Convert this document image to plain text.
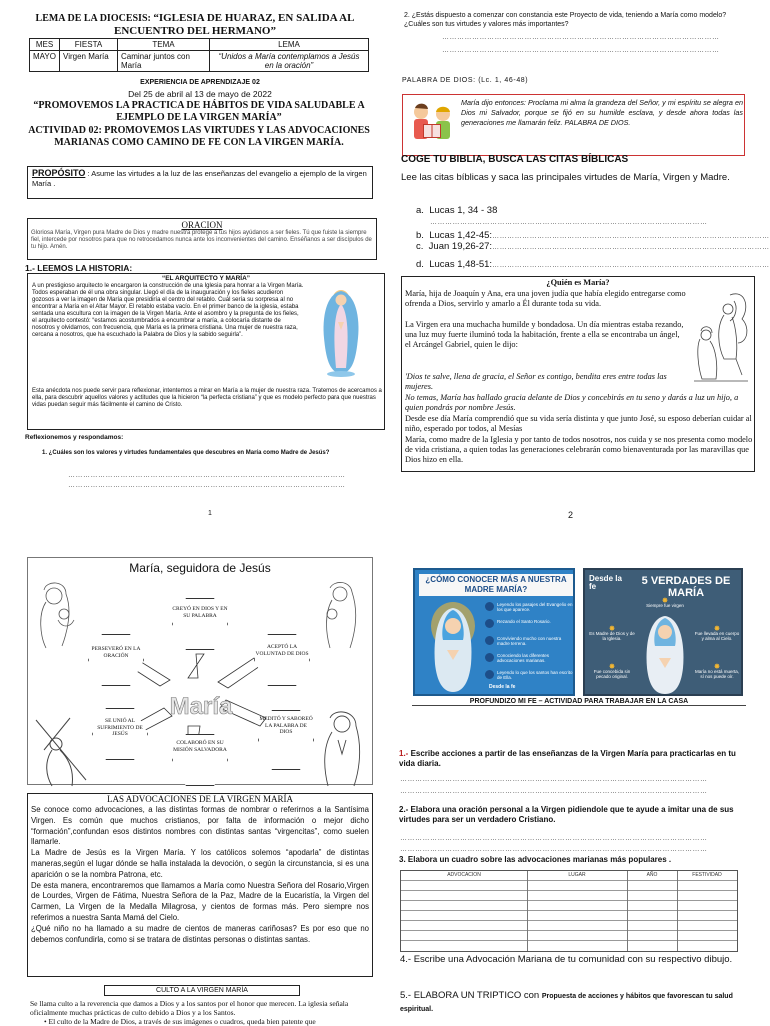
LEMA DE LA DIOCESIS: “IGLESIA DE HUARAZ, EN SALIDA AL ENCUENTRO DEL HERMANO”
MES	FIESTA	TEMA	LEMA
MAYO	Virgen María	Caminar juntos con María	“Unidos a María contemplamos a Jesús en la oración”
EXPERIENCIA DE APRENDIZAJE 02
Del 25 de abril al 13 de mayo de 2022
“PROMOVEMOS LA PRACTICA DE HÁBITOS DE VIDA SALUDABLE A EJEMPLO DE LA VIRGEN MARÍA”
ACTIVIDAD 02: PROMOVEMOS LAS VIRTUDES Y LAS ADVOCACIONES MARIANAS COMO CAMINO DE FE CON LA VIRGEN MARÍA.
PROPÓSITO : Asume las virtudes a la luz de las enseñanzas del evangelio a ejemplo de la virgen María .
ORACION
Gloriosa María, Virgen pura Madre de Dios y madre nuestra protege a tus hijos ayúdanos a ser fieles. Tú que fuiste la siempre fiel, intercede por nosotros para que no retrocedamos nunca ante los inconvenientes del camino. Enséñanos a ser discípulos de tu hijo. Amén.
1.- LEEMOS LA HISTORIA:
“EL ARQUITECTO Y MARÍA”
A un prestigioso arquitecto le encargaron la construcción de una Iglesia para honrar a la Virgen María. Todos esperaban de él una obra singular. Llegó el día de la inauguración y los fieles acudieron gozosos a ver la imagen de María que presidiría el centro del retablo. Cuál sería su sorpresa al no encontrar a María en el Altar Mayor. El retablo estaba vacío. En el primer banco de la iglesia, estaba sentada una escultura con la imagen de la Virgen María. Ante el asombro y la pregunta de los fieles, el arquitecto contestó: “estamos acostumbrados a encumbrar a maría, a colocaría distante de nosotros y olvidarnos, con frecuencia, que María es la primera cristiana. Una mujer de nuestra raza, cercana a nosotros, que ha escuchado la Palabra de Dios y la sabido seguirla”.
Esta anécdota nos puede servir para reflexionar, intentemos a mirar en María a la mujer de nuestra raza. Tratemos de acercamos a ella, para descubrir aquellos valores y actitudes que la hicieron “la perfecta cristiana” y que es modelo perfecto para que nuestras vidas puedan seguir más fácilmente el camino de Cristo.
Reflexionemos y respondamos:
1. ¿Cuáles son los valores y virtudes fundamentales que descubres en María como Madre de Jesús?
…………………………………………………………………………………………………
…………………………………………………………………………………………………
1
2. ¿Estás dispuesto a comenzar con constancia este Proyecto de vida, teniendo a María como modelo? ¿Cuáles son tus virtudes y valores más importantes?
…………………………………………………………………………………………………
…………………………………………………………………………………………………
PALABRA DE DIOS: (Lc. 1, 46-48)
María dijo entonces: Proclama mi alma la grandeza del Señor, y mi espíritu se alegra en Dios mi Salvador, porque se fijó en su humilde esclava, y desde ahora todas las generaciones me llamarán feliz. PALABRA DE DIOS.
COGE TU BIBLIA, BUSCA LAS CITAS BÍBLICAS
Lee las citas bíblicas y saca las principales virtudes de María, Virgen y Madre.
a. Lucas 1, 34 - 38
…………………………………………………………………………………………………
b. Lucas 1,42-45:…………………………………………………………………………………………………
c. Juan 19,26-27:…………………………………………………………………………………………………
d. Lucas 1,48-51:…………………………………………………………………………………………………
¿Quién es María?
María, hija de Joaquín y Ana, era una joven judía que había elegido entregarse como ofrenda a Dios, servirlo y amarlo a Él durante toda su vida.
La Virgen era una muchacha humilde y bondadosa. Un día mientras estaba rezando, una luz muy fuerte iluminó toda la habitación, frente a ella se encontraba un ángel, el Arcángel Gabriel, quien le dijo:
'Dios te salve, llena de gracia, el Señor es contigo, bendita eres entre todas las mujeres.
No temas, María has hallado gracia delante de Dios y concebirás en tu seno y darás a luz un hijo, a quien pondrás por nombre Jesús.
Desde ese día María comprendió que su vida sería distinta y que junto José, su esposo deberían cuidar al niño, esperado por todos, al Mesías
María, como madre de la Iglesia y por tanto de todos nosotros, nos cuida y se nos presenta como modelo de vida cristiana, a quien todas las generaciones celebrarán como bienaventurada por las maravillas que Dios hizo en ella.
2
María, seguidora de Jesús
María
CREYÓ EN DIOS Y EN SU PALABRA
ACEPTÓ LA VOLUNTAD DE DIOS
MEDITÓ Y SABOREÓ LA PALABRA DE DIOS
COLABORÓ EN SU MISIÓN SALVADORA
SE UNIÓ AL SUFRIMIENTO DE JESÚS
PERSEVERÓ EN LA ORACIÓN
LAS ADVOCACIONES DE LA VIRGEN MARÍA
Se conoce como advocaciones, a las distintas formas de nombrar o referirnos a la Santísima Virgen. Es común que muchos cristianos, por falta de información o mejor dicho “formación”,confundan esos distintos nombres con distintas santas “virgencitas”, como suelen llamarle.
La Madre de Jesús es la Virgen María. Y los católicos solemos “apodarla” de distintas maneras,según el lugar dónde se halla instalada la devoción, o según la circunstancia, si es una aparición o se la nombra Patrona, etc.
De esta manera, encontraremos que llamamos a María como Nuestra Señora del Rosario,Virgen de Lourdes, Virgen de Fátima, Nuestra Señora de la Paz, Madre de la Eucaristía, la Virgen del Carmen, La Virgen de la Medalla Milagrosa, y cientos de formas más. Pero siempre nos referimos a nuestra Santa Mamá del Cielo.
¿Qué niño no ha llamado a su madre de cientos de maneras cariñosas? Es por eso que no debemos confundirla, como si se tratara de distintas personas o distintas santas.
CULTO A LA VIRGEN MARÍA
Se llama culto a la reverencia que damos a Dios y a los santos por el honor que merecen. La iglesia señala oficialmente muchas prácticas de culto debido a Dios y a los Santos.
• El culto de la Madre de Dios, a través de sus imágenes o cuadros, queda bien patente que
¿CÓMO CONOCER MÁS A NUESTRA MADRE MARÍA?
Leyendo los pasajes del Evangelio en los que aparece.
Rezando el Santo Rosario.
Conviviendo mucho con nuestra madre terrena.
Conociendo las diferentes advocaciones marianas.
Leyendo lo que los santos han escrito de Ella.
Desde la fe
Desde la fe	5 VERDADES DE MARÍA
✸
Siempre fue virgen
✸
Es Madre de Dios y de la Iglesia.
✸
Fue llevada en cuerpo y alma al Cielo.
✸
Fue concebida sin pecado original.
✸
María no está muerta, sí nos puede oír.
PROFUNDIZO MI FE – ACTIVIDAD PARA TRABAJAR EN LA CASA
1.- Escribe acciones a partir de las enseñanzas de la Virgen María para practicarlas en tu vida diaria.
……………………………………………………………………………………………………………
……………………………………………………………………………………………………………
2.- Elabora una oración personal a la Virgen pidiendole que te ayude a imitar una de sus virtudes para ser un verdadero Cristiano.
……………………………………………………………………………………………………………
……………………………………………………………………………………………………………
3. Elabora un cuadro sobre las advocaciones marianas más populares .
ADVOCACION	LUGAR	AÑO	FESTIVIDAD
4.- Escribe una Advocación Mariana de tu comunidad con su respectivo dibujo.
5.- ELABORA UN TRIPTICO con Propuesta de acciones y hábitos que favorescan tu salud espiritual.
